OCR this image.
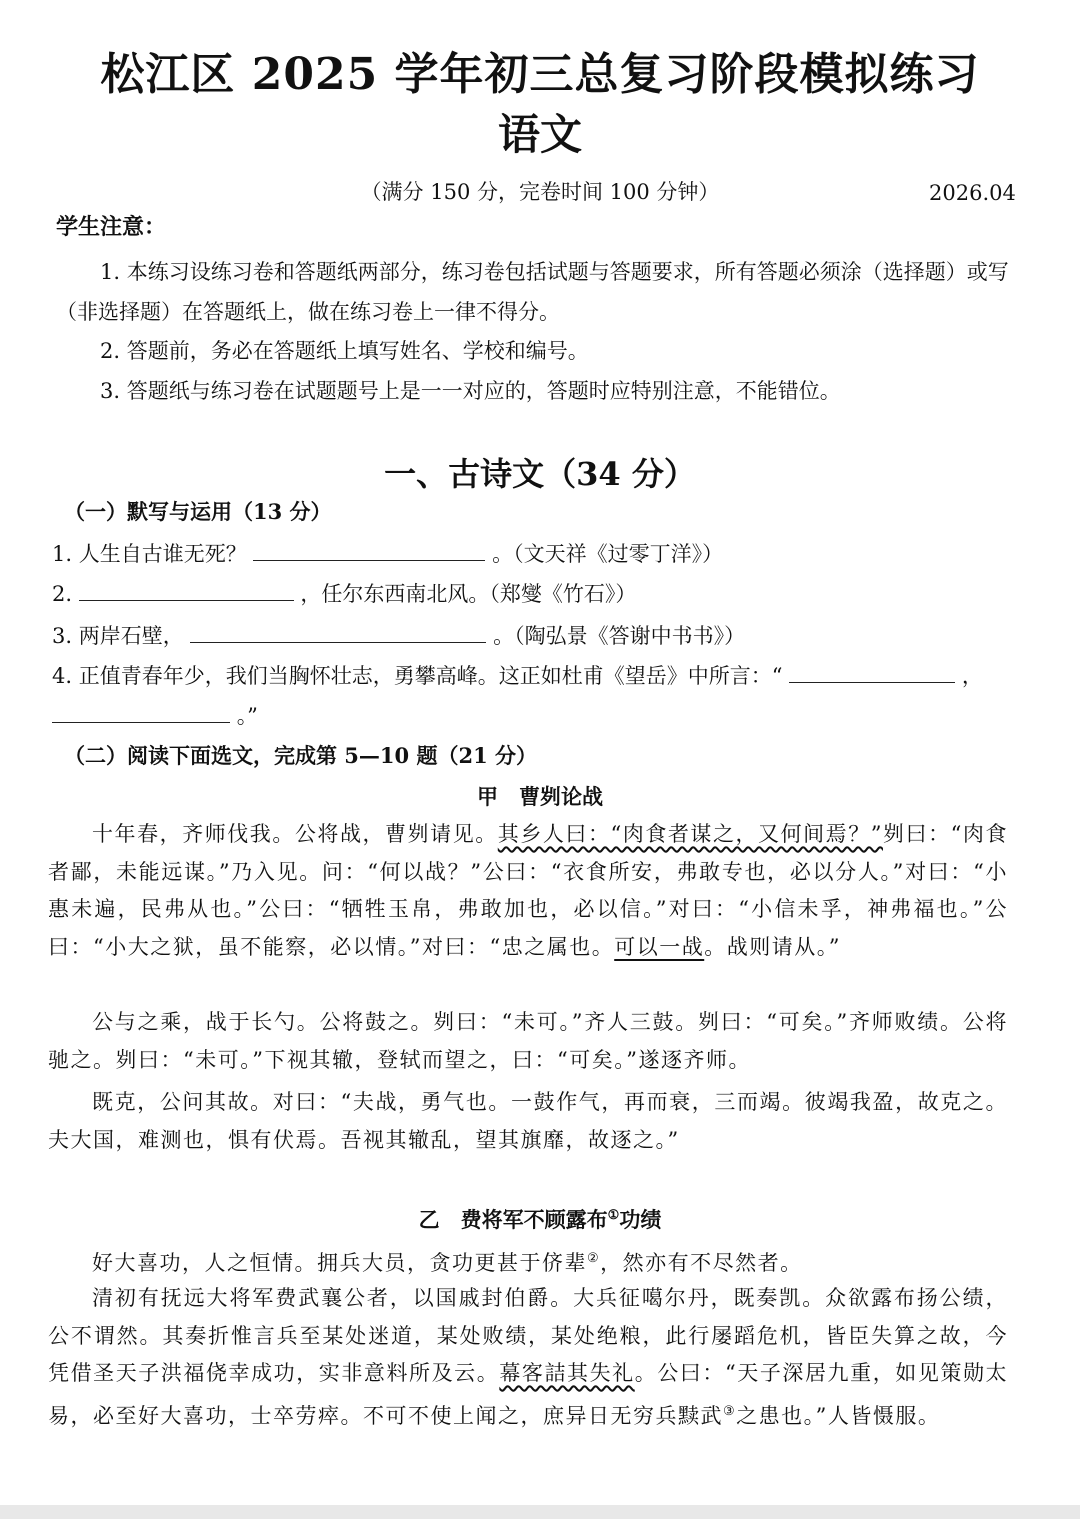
松江区 2025 学年初三总复习阶段模拟练习
语文
（满分 150 分，完卷时间 100 分钟）	2026.04
学生注意：
1. 本练习设练习卷和答题纸两部分，练习卷包括试题与答题要求，所有答题必须涂（选择题）或写（非选择题）在答题纸上，做在练习卷上一律不得分。
2. 答题前，务必在答题纸上填写姓名、学校和编号。
3. 答题纸与练习卷在试题题号上是一一对应的，答题时应特别注意，不能错位。
一、古诗文（34 分）
（一）默写与运用（13 分）
1. 人生自古谁无死？	。（文天祥《过零丁洋》）
2.	，任尔东西南北风。（郑燮《竹石》）
3. 两岸石壁，	。（陶弘景《答谢中书书》）
4. 正值青春年少，我们当胸怀壮志，勇攀高峰。这正如杜甫《望岳》中所言：“	，
。”
（二）阅读下面选文，完成第 5—10 题（21 分）
甲　曹刿论战
十年春，齐师伐我。公将战，曹刿请见。其乡人曰：“肉食者谋之，又何间焉？”刿曰：“肉食者鄙，未能远谋。”乃入见。问：“何以战？”公曰：“衣食所安，弗敢专也，必以分人。”对曰：“小惠未遍，民弗从也。”公曰：“牺牲玉帛，弗敢加也，必以信。”对曰：“小信未孚，神弗福也。”公曰：“小大之狱，虽不能察，必以情。”对曰：“忠之属也。可以一战。战则请从。”
公与之乘，战于长勺。公将鼓之。刿曰：“未可。”齐人三鼓。刿曰：“可矣。”齐师败绩。公将驰之。刿曰：“未可。”下视其辙，登轼而望之，曰：“可矣。”遂逐齐师。
既克，公问其故。对曰：“夫战，勇气也。一鼓作气，再而衰，三而竭。彼竭我盈，故克之。夫大国，难测也，惧有伏焉。吾视其辙乱，望其旗靡，故逐之。”
乙　费将军不顾露布①功绩
好大喜功，人之恒情。拥兵大员，贪功更甚于侪辈②，然亦有不尽然者。
清初有抚远大将军费武襄公者，以国戚封伯爵。大兵征噶尔丹，既奏凯。众欲露布扬公绩，公不谓然。其奏折惟言兵至某处迷道，某处败绩，某处绝粮，此行屡蹈危机，皆臣失算之故，今凭借圣天子洪福侥幸成功，实非意料所及云。幕客詰其失礼。公曰：“天子深居九重，如见策勋太易，必至好大喜功，士卒劳瘁。不可不使上闻之，庶异日无穷兵黩武③之患也。”人皆慑服。
